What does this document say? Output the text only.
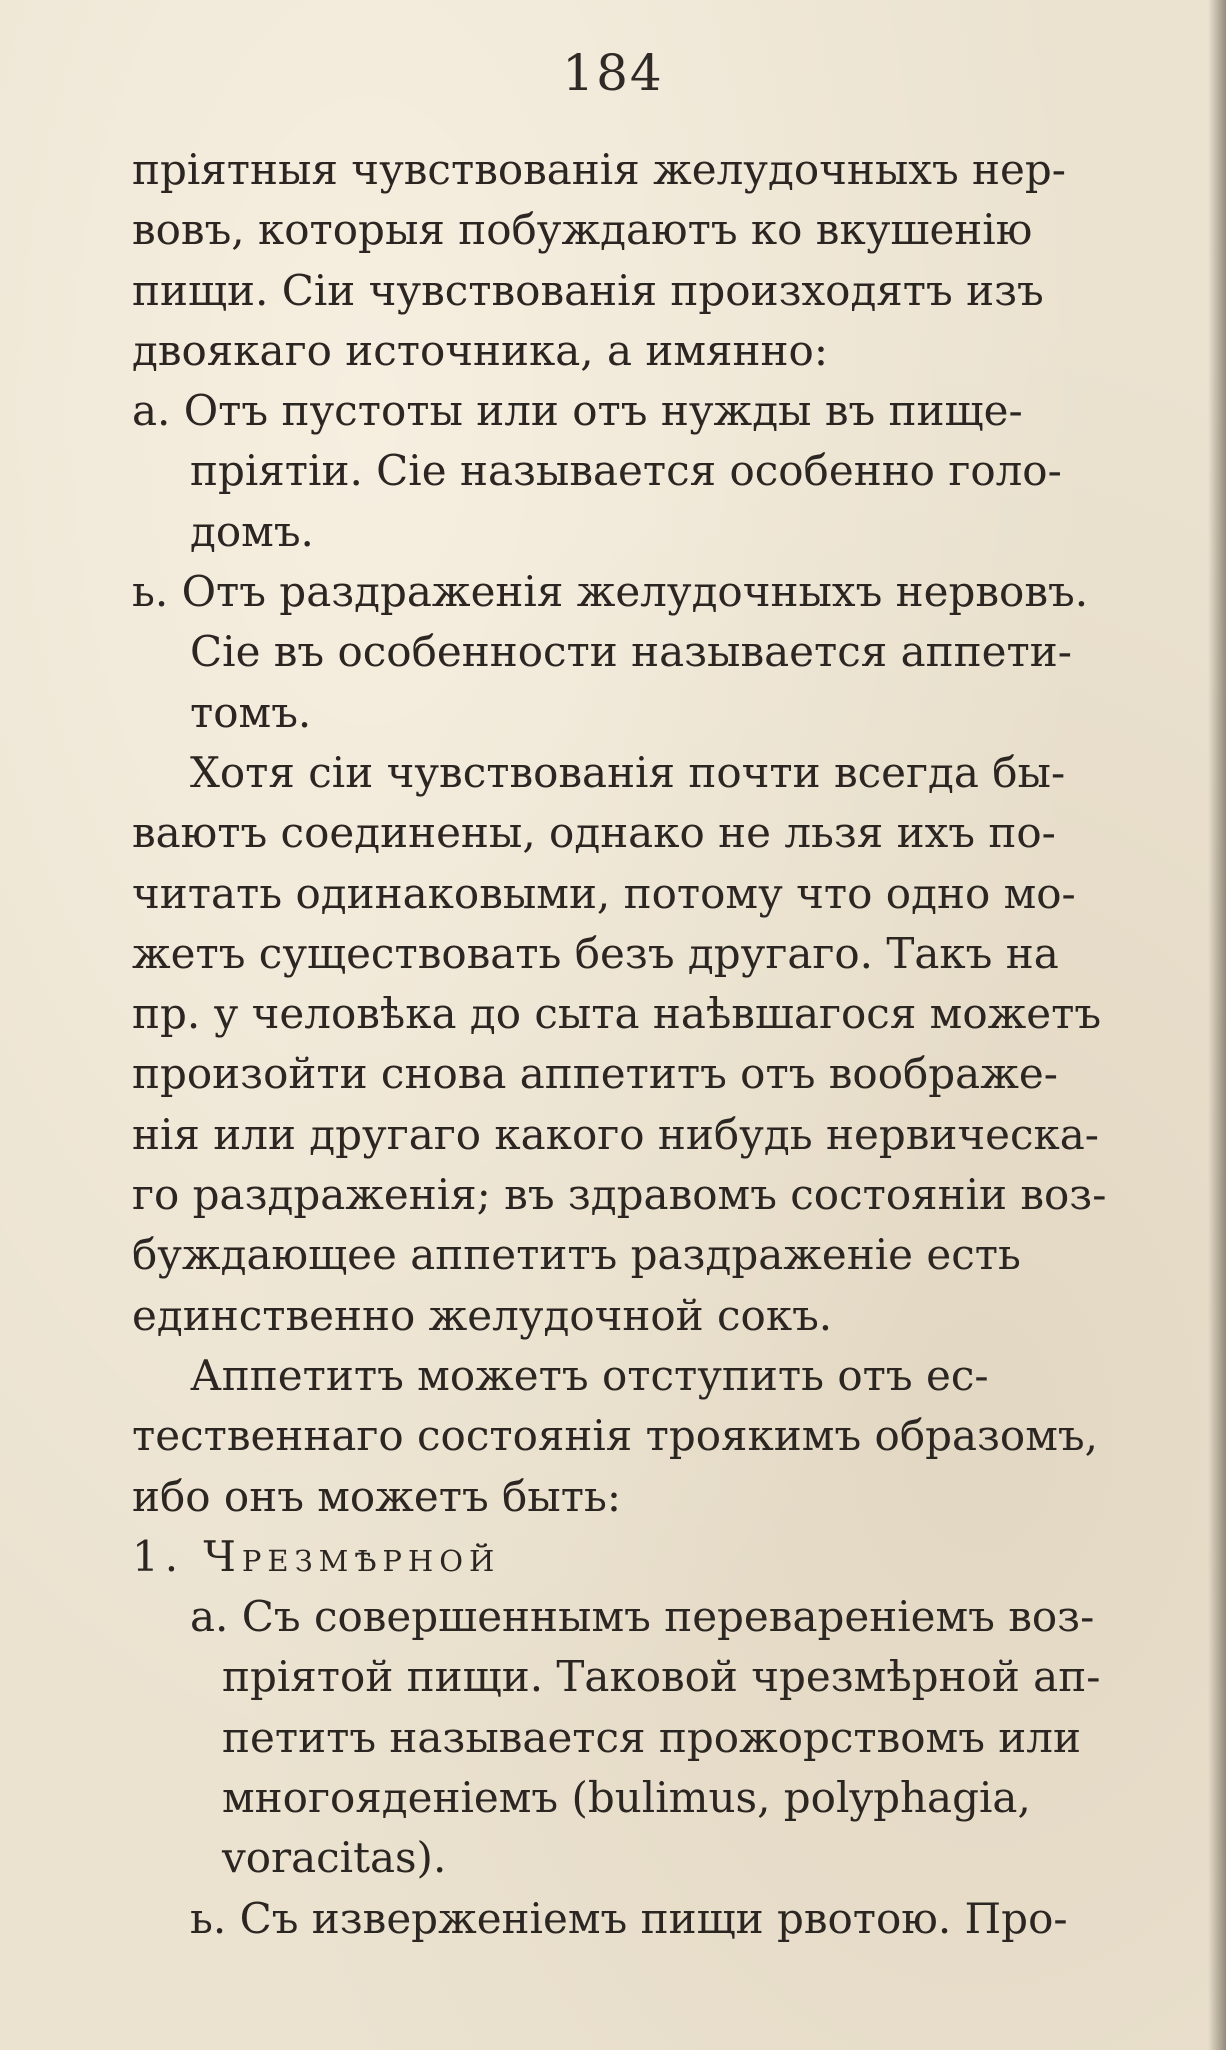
184
пріятныя чувствованія желудочныхъ нер-
вовъ, которыя побуждаютъ ко вкушенію
пищи. Сіи чувствованія произходятъ изъ
двоякаго источника, а имянно:
a. Отъ пустоты или отъ нужды въ пище-
пріятіи. Сіе называется особенно голо-
домъ.
ь. Отъ раздраженія желудочныхъ нервовъ.
Сіе въ особенности называется аппети-
томъ.
Хотя сіи чувствованія почти всегда бы-
ваютъ соединены, однако не льзя ихъ по-
читать одинаковыми, потому что одно мо-
жетъ существовать безъ другаго. Такъ на
пр. у человѣка до сыта наѣвшагося можетъ
произойти снова аппетитъ отъ воображе-
нія или другаго какого нибудь нервическа-
го раздраженія; въ здравомъ состояніи воз-
буждающее аппетитъ раздраженіе есть
единственно желудочной сокъ.
Аппетитъ можетъ отступить отъ ес-
тественнаго состоянія троякимъ образомъ,
ибо онъ можетъ быть:
1. Чрезмѣрной
a. Съ совершеннымъ перевареніемъ воз-
пріятой пищи. Таковой чрезмѣрной ап-
петитъ называется прожорствомъ или
многояденіемъ (bulimus, polyphagia,
voracitas).
ь. Съ изверженіемъ пищи рвотою. Про-
